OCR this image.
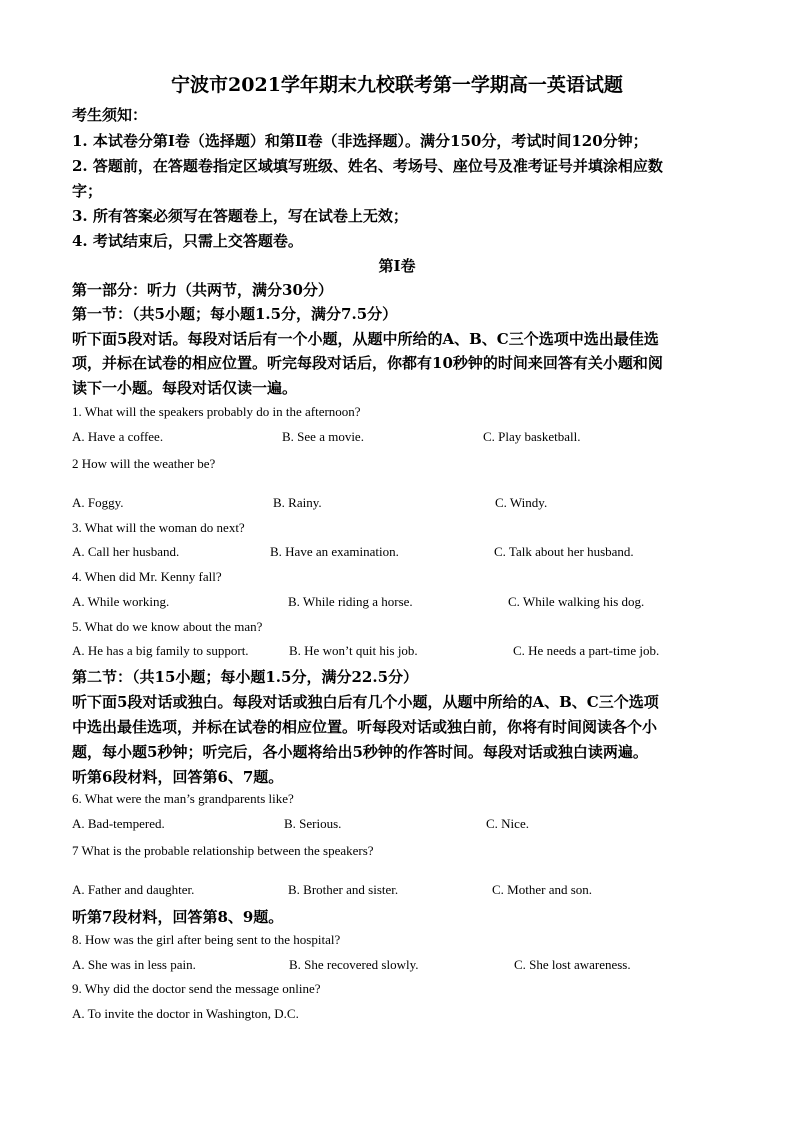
宁波市2021学年期末九校联考第一学期高一英语试题
考生须知：
1. 本试卷分第Ⅰ卷（选择题）和第Ⅱ卷（非选择题）。满分150分，考试时间120分钟；
2. 答题前，在答题卷指定区域填写班级、姓名、考场号、座位号及准考证号并填涂相应数
字；
3. 所有答案必须写在答题卷上，写在试卷上无效；
4. 考试结束后，只需上交答题卷。
第Ⅰ卷
第一部分：听力（共两节，满分30分）
第一节：（共5小题；每小题1.5分，满分7.5分）
听下面5段对话。每段对话后有一个小题，从题中所给的A、B、C三个选项中选出最佳选
项，并标在试卷的相应位置。听完每段对话后，你都有10秒钟的时间来回答有关小题和阅
读下一小题。每段对话仅读一遍。
1. What will the speakers probably do in the afternoon?
A. Have a coffee.	B. See a movie.	C. Play basketball.
2 How will the weather be?
A. Foggy.	B. Rainy.	C. Windy.
3. What will the woman do next?
A. Call her husband.	B. Have an examination.	C. Talk about her husband.
4. When did Mr. Kenny fall?
A. While working.	B. While riding a horse.	C. While walking his dog.
5. What do we know about the man?
A. He has a big family to support.	B. He won’t quit his job.	C. He needs a part-time job.
第二节：（共15小题；每小题1.5分，满分22.5分）
听下面5段对话或独白。每段对话或独白后有几个小题，从题中所给的A、B、C三个选项
中选出最佳选项，并标在试卷的相应位置。听每段对话或独白前，你将有时间阅读各个小
题，每小题5秒钟；听完后，各小题将给出5秒钟的作答时间。每段对话或独白读两遍。
听第6段材料，回答第6、7题。
6. What were the man’s grandparents like?
A. Bad-tempered.	B. Serious.	C. Nice.
7 What is the probable relationship between the speakers?
A. Father and daughter.	B. Brother and sister.	C. Mother and son.
听第7段材料，回答第8、9题。
8. How was the girl after being sent to the hospital?
A. She was in less pain.	B. She recovered slowly.	C. She lost awareness.
9. Why did the doctor send the message online?
A. To invite the doctor in Washington, D.C.
